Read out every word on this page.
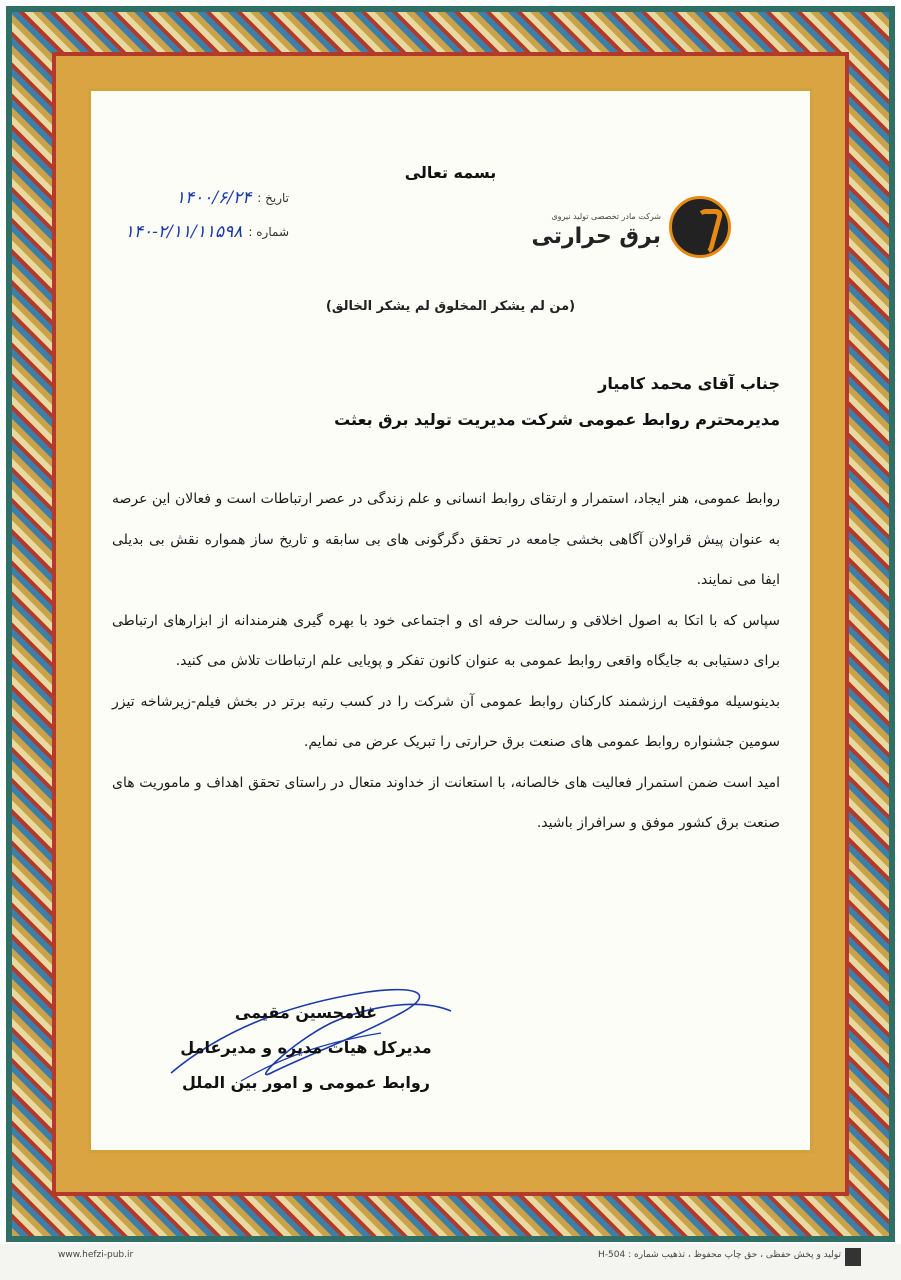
بسمه تعالی
شرکت مادر تخصصی تولید نیروی
برق حرارتی
تاریخ :
۱۴۰۰/۶/۲۴
شماره :
۱۴۰-۲/۱۱/۱۱۵۹۸
(من لم یشکر المخلوق لم یشکر الخالق)
جناب آقای محمد کامیار
مدیرمحترم روابط عمومی شرکت مدیریت تولید برق بعثت

روابط عمومی، هنر ایجاد، استمرار و ارتقای روابط انسانی و علم زندگی در عصر ارتباطات است و فعالان این عرصه به عنوان پیش قراولان آگاهی بخشی جامعه در تحقق دگرگونی های بی سابقه و تاریخ ساز همواره نقش بی بدیلی ایفا می نمایند.

سپاس که با اتکا به اصول اخلاقی و رسالت حرفه ای و اجتماعی خود با بهره گیری هنرمندانه از ابزارهای ارتباطی برای دستیابی به جایگاه واقعی روابط عمومی به عنوان کانون تفکر و پویایی علم ارتباطات تلاش می کنید.

بدینوسیله موفقیت ارزشمند کارکنان روابط عمومی آن شرکت را در کسب رتبه برتر در بخش فیلم-زیرشاخه تیزر سومین جشنواره روابط عمومی های صنعت برق حرارتی را تبریک عرض می نمایم.

امید است ضمن استمرار فعالیت های خالصانه، با استعانت از خداوند متعال در راستای تحقق اهداف و ماموریت های صنعت برق کشور موفق و سرافراز باشید.

غلامحسین مقیمی
مدیرکل هیات مدیره و مدیرعامل
روابط عمومی و امور بین الملل
www.hefzi-pub.ir	تولید و پخش حفظی ، حق چاپ محفوظ ، تذهیب شماره : H-504
